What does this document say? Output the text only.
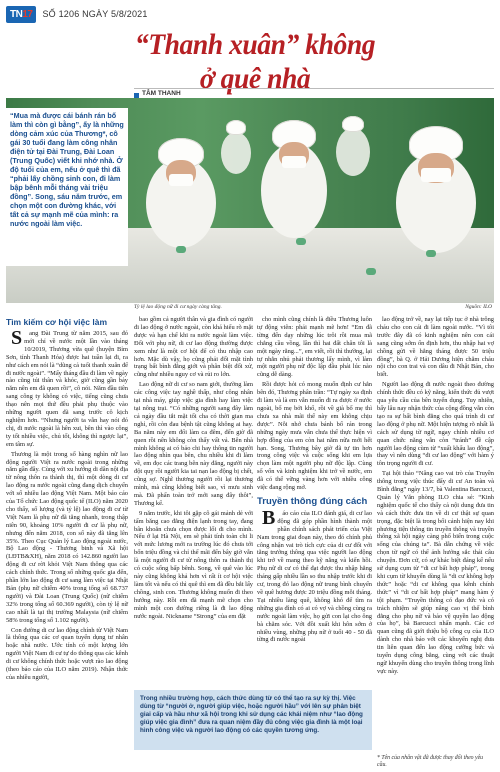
TN17	SỐ 1206 NGÀY 5/8/2021
“Thanh xuân” không ở quê nhà
TÂM THANH

“Mua mà được cái bánh rán bố làm thì còn gì bằng”, ấy là những dòng cảm xúc của Thương*, cô gái 30 tuổi đang làm công nhân điện tử tại Đài Trung, Đài Loan (Trung Quốc) viết khi nhớ nhà. Ở độ tuổi của em, nếu ở quê thì đã “phải lấy chồng sinh con, đi làm bập bênh mỗi tháng vài triệu đồng”. Song, sáu năm trước, em chọn một con đường khác, với tất cả sự mạnh mẽ của mình: ra nước ngoài làm việc.

Tỷ lệ lao động nữ đi cư ngày càng tăng.	Nguồn: ILO
Tìm kiếm cơ hội việc làm

Sang Đài Trung từ năm 2015, sau đó mới chỉ về nước một lần vào tháng 10/2019, Thương vừa quê (huyện Bỉm Sơn, tỉnh Thanh Hóa) được hai tuần lại đi, ra như cách em nói là “dũng cả tuổi thanh xuân để đi nước ngoài”. “Mấy tháng đầu đi làm về ngày nào cũng túi thân và khóc, giờ cũng gần bảy năm nên em đã quen rồi”, cô nói. Năm đầu tiên sang công ty không có việc, tiếng cũng chưa thạo nên mọi thứ đều phải phụ thuộc vào những người quen đã sang trước cô kịch nghiệm hơn. “Nhưng người ta vẫn hay nói đó chị, đi nước ngoài là hên xui, bên thì vào công ty tốt nhiều việc, chủ tốt, không thì ngược lại”, em tâm sự.

Thương là một trong số hàng nghìn nữ lao động người Việt ra nước ngoài trong những năm gần đây. Cùng với xu hướng di dân nội địa từ nông thôn ra thành thị, thì một dòng di cư lao động ra nước ngoài cũng đang dịch chuyển với số nhiều lao động Việt Nam. Một báo cáo của Tổ chức Lao động quốc tế (ILO) năm 2020 cho thấy, số lượng (và tỷ lệ) lao động đi cư từ Việt Nam là phụ nữ đã tăng nhanh, trong thập niên 90, khoảng 10% người đi cư là phụ nữ, nhưng đến năm 2018, con số này đã tăng lên 35%. Theo Cục Quản lý Lao động ngoài nước, Bộ Lao động - Thương binh và Xã hội (LĐTB&XH), năm 2018 có 142.860 người lao động đi cư rời khỏi Việt Nam thông qua các cách chính thức. Trong số những quốc gia đến, phần lớn lao động đi cư sang làm việc tại Nhật Bản (phụ nữ chiếm 40% trong tổng số 68.737 người) và Đài Loan (Trung Quốc) (nữ chiếm 32% trong tổng số 60.369 người), còn tỷ lệ nữ cao nhất là tại thị trường Malaysia (nữ chiếm 58% trong tổng số 1.102 người).

Con đường di cư lao động chính từ Việt Nam là thông qua các cơ quan tuyển dụng tư nhân hoặc nhà nước. Ước tính có một lượng lớn người Việt Nam đi cư tự do thông qua các kênh di cư không chính thức hoặc vượt rào lao động (theo báo cáo của ILO năm 2019). Nhận thức của nhiều người,

bao gồm cả người thân và gia đình có người đi lao động ở nước ngoài, còn khá hiểu rõ mặt được và hạn chế khi ra nước ngoài làm việc. Đối với phụ nữ, di cư lao động thường được xem như là một cơ hội để có thu nhập cao hơn. Mặc dù vậy, họ cũng phải đối mặt tình trạng bất bình đẳng giới và phân biệt đối xử, cũng như nhiều nguy cơ và rủi ro lớn.

Lao động nữ di cư so nam giới, thường làm các công việc tay nghề thấp, như công nhân tại nhà máy, giúp việc gia đình hay làm việc tại nông trại. “Có những người sang đây làm cả ngày đầu tắt mặt tối cha có thời gian ma nghỉ, rồi còn đau bệnh tật cũng không ai hay. Ba năm này em đổi làm ca đêm, đến giờ đã quen rồi nên không còn thấy vất vả. Bên nhà mình không ai có bảo chi hay thông tin người lao động nhìn qua bên, chu nhiều khi đi làm về, em đọc các trang bên này đăng, người này đột quỵ rồi người kia tai nạn lao động bị chết, cũng sợ. Nghĩ thương người rồi lại thương mình, mà cũng không biết sao, vì mưu sinh mà. Đã phấn toàn trở mới sang đây thôi”, Thương kể.

9 năm trước, khi tôi gặp cô gái mảnh dẻ với tấm băng cao đẳng điện lạnh trong tay, đang bân khoăn chưa chọn được lối đi cho mình. Nếu ở lại Hà Nội, em sẽ phải tính toàn chi li với mức lương mới ra trường lúc đó chưa tới bốn triệu đồng và chỉ thể mãi đến bây giờ vẫn là một người đi cư từ nông thôn ra thành thị có cuộc sống bấp bênh. Song, về quê vào lúc này cũng không khả hơn vì rất ít cơ hội việc làm tốt và nếu có thì quê thì em đã đều bắt lấy chồng, sinh con. Thương không muốn đi theo hướng này. Rồi em đã mạnh mẽ chọn cho mình một con đường riêng là đi lao động nước ngoài. Nickname “Strong” của em đặt

cho mình cũng chính là điều Thương luôn tự động viên: phải mạnh mẽ hơn! “Em đã từng đến dạy những lúc trôi rồi mua mã chẳng cầu vồng, lần thì hai đất chân tôi là một ngày rằng...”, em viết, rồi thì thường, lại tự nhắn nhủ phải thương lấy mình, vì làm một người phụ nữ độc lập đâu phải lúc nào cũng dễ dàng.

Rồi được hỏi có mong muốn định cư hẳn bên đó, Thương phân trần: “Tự ngày xa định đi làm và là em vẫn muốn đi ra được ở nước ngoài, bố mẹ bởi khổ, rồi về già bố mẹ thì chưa xa nhà mãi thế này em không chịu được”. Nỗi nhớ chưa bánh bố rán trong những ngày mưa vẫn chưa thể thực hiện vì hợp đồng của em còn hai năm nữa mới hết hạn. Song, Thương bây giờ đã tự tin hơn trong công việc và cuộc sống khi em lựa chọn làm một người phụ nữ độc lập. Cùng số vốn và kinh nghiệm khi trở về nước, em đã có thể vững vàng hơn với nhiều công việc đang rộng mở.

Truyền thông đúng cách

Báo cáo của ILO đánh giá, di cư lao động đã góp phần hình thành một phần chính sách phát triển của Việt Nam trong giai đoạn này, theo đó chính phủ công nhận vai trò tích cực của di cư đối với tăng trưởng thông qua việc người lao động khi trở về mang theo kỹ năng và kiến hồi. Phụ nữ di cư có thể đạt được thu nhập hằng tháng gấp nhiều lần so thu nhập trước khi đi cư, trong đó lao động nữ trung bình chuyển về quê hương được 20 triệu đồng mỗi tháng. Tại nhiều làng quê, không khó để tìm ra những gia đình có ai có vợ và chồng cùng ra nước ngoài làm việc, họ gửi con lại cho ông bà chăm sóc. Với đồi xuất khi hôn sớm ở nhiều vùng, những phụ nữ ở tuổi 40 - 50 đã từng đi nước ngoài

lao động trở về, nay lại tiếp tục ở nhà trông cháu cho con cái đi làm ngoài nước. “Vì tôi trước đây đã có kinh nghiệm nên con cái sang cũng sớm ổn định hơn, thu nhập hai vợ chồng gửi về hằng tháng được 50 triệu đồng”, bà Q. ở Hải Dương hiện chăm cháu nội cho con trai và con dâu đi Nhật Bản, cho biết.

Người lao động đi nước ngoài theo đường chính thức đều có kỹ năng, kiến thức đủ vượt qua yêu cầu của bên tuyển dụng. Tuy nhiên, bấy lâu nay nhận thức của cộng đồng vẫn còn tạo ra sự bất bình đẳng cho quá trình di cư lao động ở phụ nữ. Một hiện tượng rõ nhất là cách sử dụng từ ngữ, ngay chính nhiều cơ quan chức năng vẫn còn “tránh” đề cập người lao động cùm từ “xuất khẩu lao động”, thay vì nên dùng “đi cư lao động” với hàm ý tôn trọng người đi cư.

Tại hội thảo “Nâng cao vai trò của Truyền thông trong việc thúc đẩy di cư An toàn và Bình đẳng” ngày 13/7, bà Valentina Barcucci, Quản lý Văn phòng ILO chia sẻ: “Kinh nghiệm quốc tế cho thấy cả nội dung đưa tin và cách thức đưa tin về di cư thật sự quan trọng, đặc biệt là trong bối cảnh hiện nay khi phương tiện thông tin truyền thông và truyền thông xã hội ngày càng phổ biến trong cuộc sống của chúng ta”. Bà dẫn chứng về việc chọn từ ngữ có thể ảnh hưởng sắc thái câu chuyện. Đơn cử, có sự khác biệt đáng kể nếu sử dụng cụm từ “di cư bất hợp pháp”, trong khi cụm từ khuyến dùng là “di cư không hợp thức” hoặc “di cư không qua kênh chính thức” vì “di cư bất hợp pháp” mang hàm ý tội phạm. “Truyền thông có đạo đức và có trách nhiệm sẽ giúp nâng cao vị thế bình đẳng cho phụ nữ và bảo vệ quyền lao động của họ”, bà Barcucci nhấn mạnh. Các cơ quan cũng đã giới thiệu bộ công cụ của ILO dành cho nhà báo với các khuyến nghị đưa tin liên quan đến lao động cưỡng bức và tuyển dụng công bằng, cùng với các thuật ngữ khuyến dùng cho truyền thông trong lĩnh vực này.

Trong nhiều trường hợp, cách thức dùng từ có thể tạo ra sự kỳ thị. Việc dùng từ “người ở, người giúp việc, hoặc người hầu” với lên sự phân biệt giai cấp và hầu như xã hội trong khi sử dụng các khái niệm như “lao động giúp việc gia đình” đưa ra quan niệm đầy đủ công việc gia đình là một loại hình công việc và người lao động có các quyền tương ứng.
* Tên của nhân vật đã được thay đổi theo yêu cầu.
